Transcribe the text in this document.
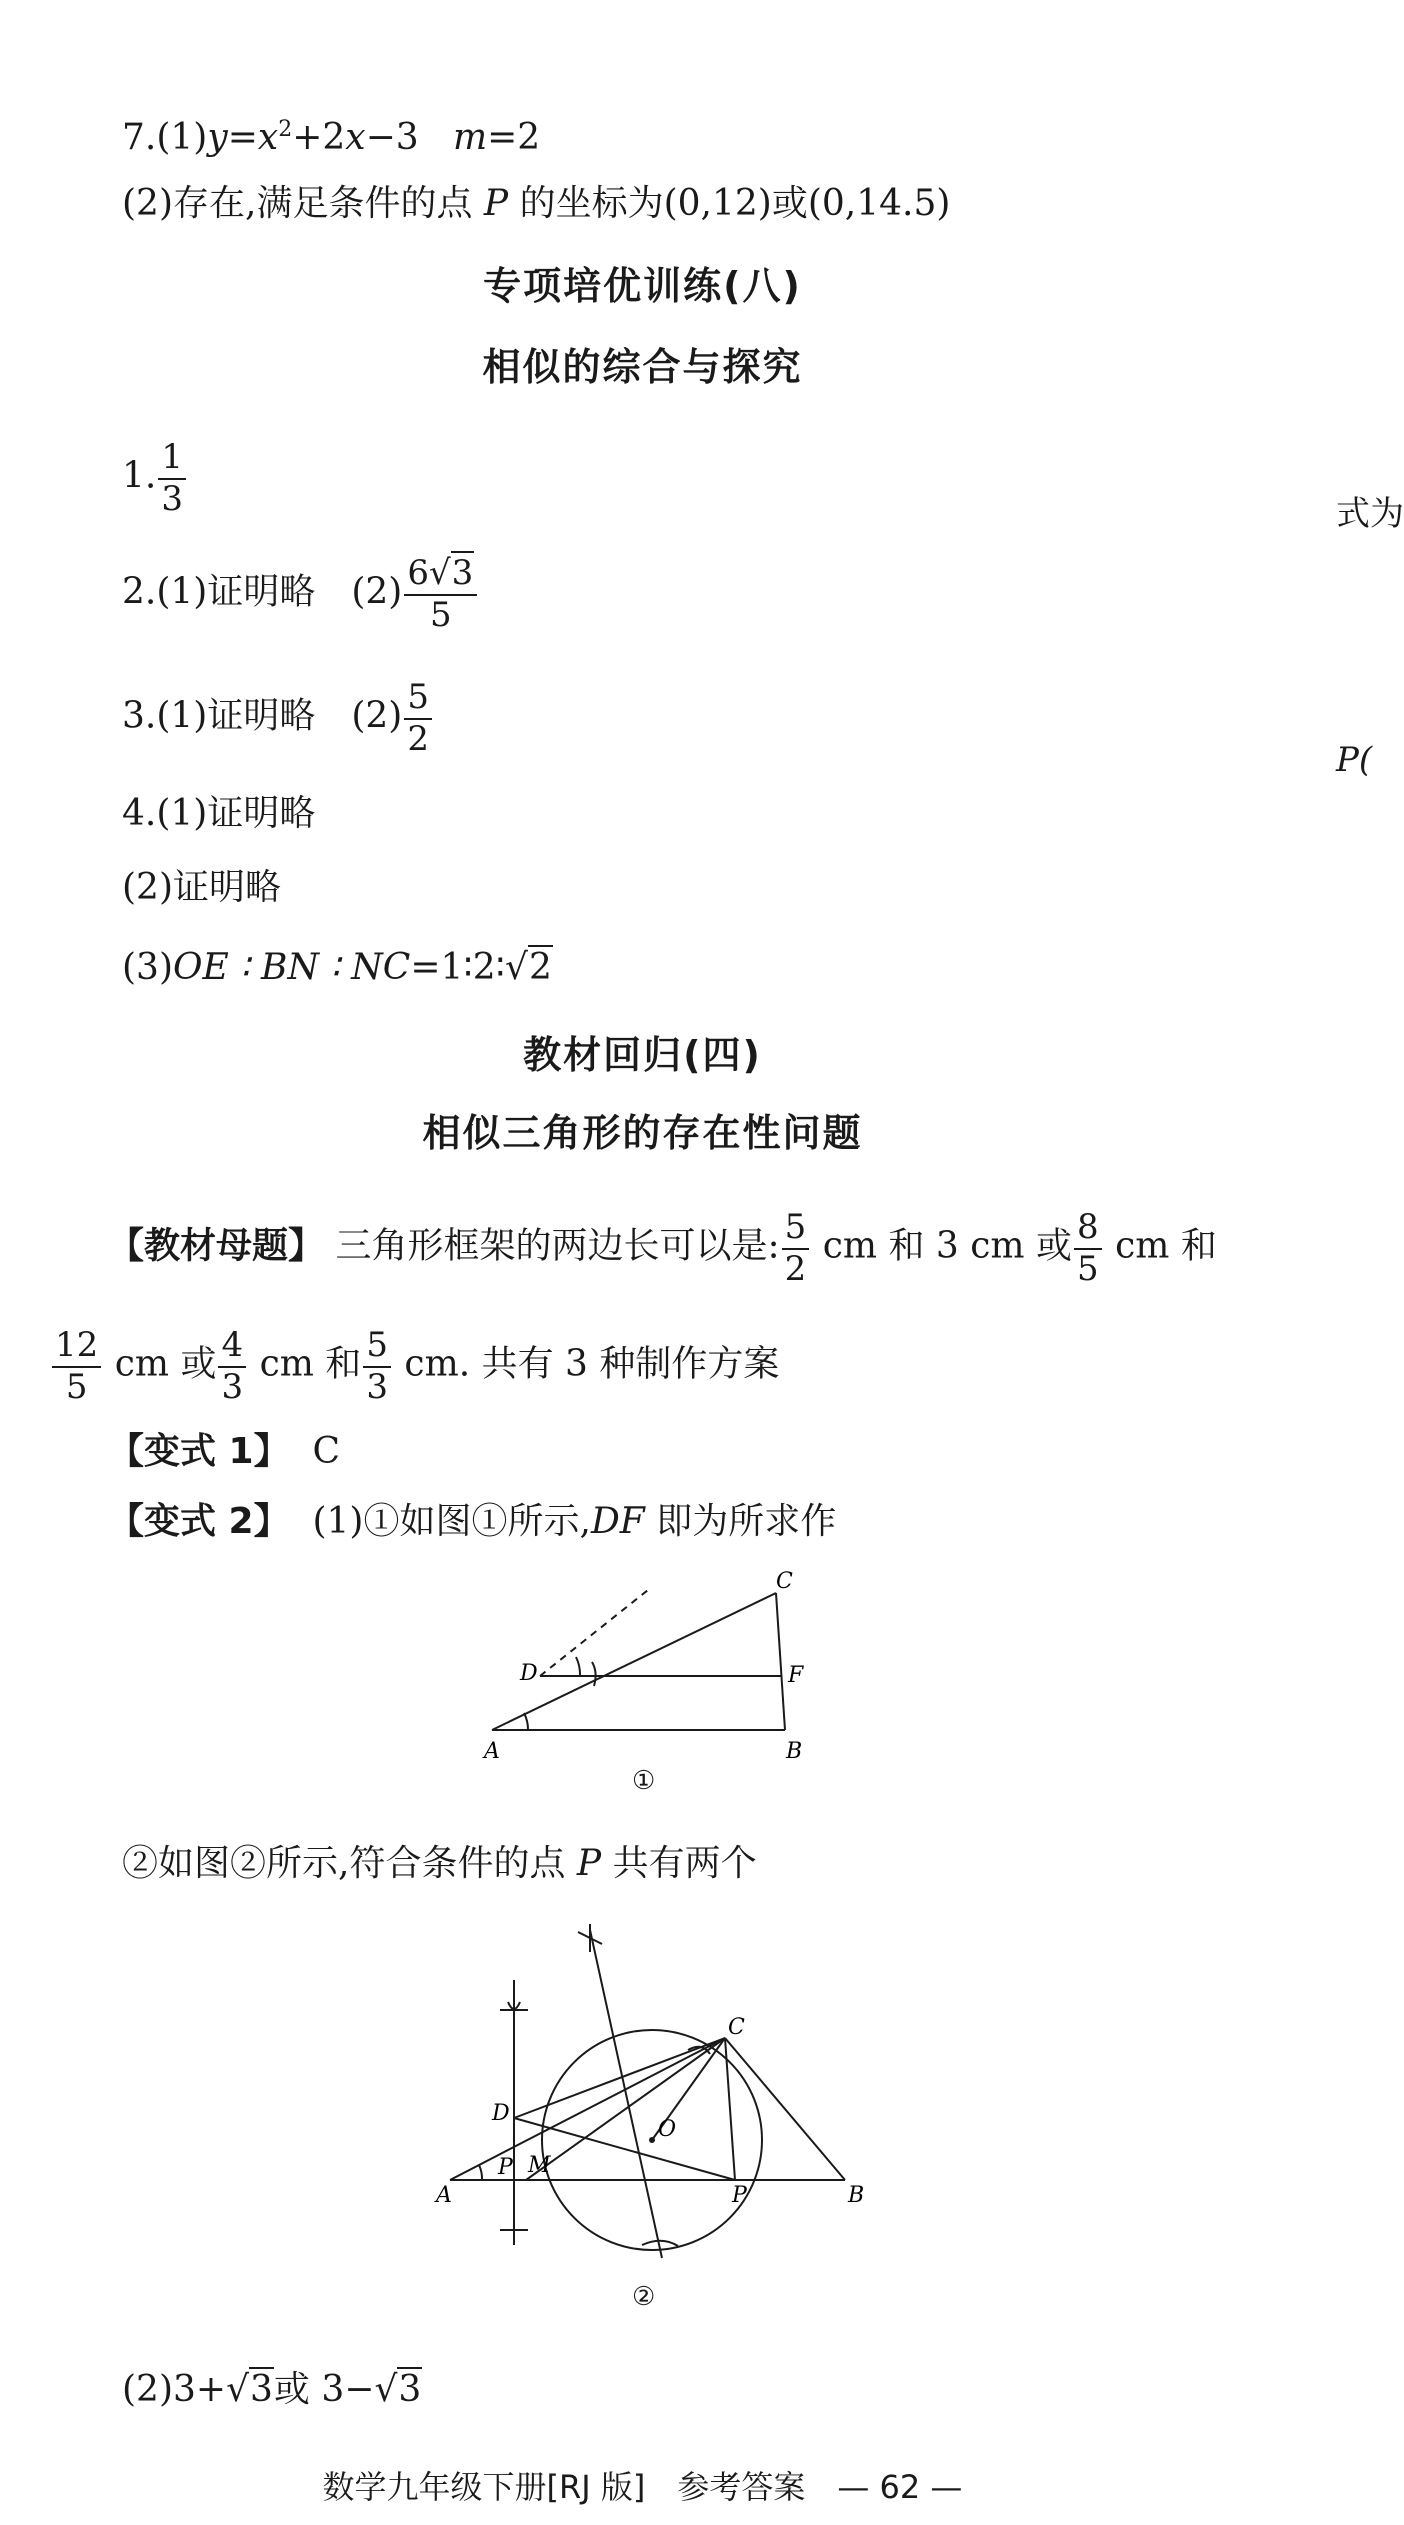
$7.(1)y=x^2+2x-3$ m=2
(2)存在,满足条件的点 P 的坐标为(0,12)或(0,14.5)
专项培优训练(八)
相似的综合与探究
1. $\frac{1}{3}$
2.(1)证明略　$(2) \frac{6√3}{5}$
3.(1)证明略　$(2) \frac{5}{2}$
4.(1)证明略
(2)证明略
(3)OE ∶ BN ∶ NC=1∶2∶√2
教材回归(四)
相似三角形的存在性问题
【教材母题】 三角形框架的两边长可以是: $\frac{5}{2}$ cm 和 3 cm 或 $\frac{8}{5}$ cm 和
$\frac{12}{5}$ cm 或 $\frac{4}{3}$ cm 和 $\frac{5}{3}$ cm. 共有 3 种制作方案
【变式 1】 C
【变式 2】 (1)①如图①所示,DF 即为所求作
A	B
C
D	F
①
②如图②所示,符合条件的点 P 共有两个
A	B
C
D
O
M
P
P
②
(2)3+√3或 3−√3
式为
P(
数学九年级下册[RJ 版]　参考答案　— 62 —
